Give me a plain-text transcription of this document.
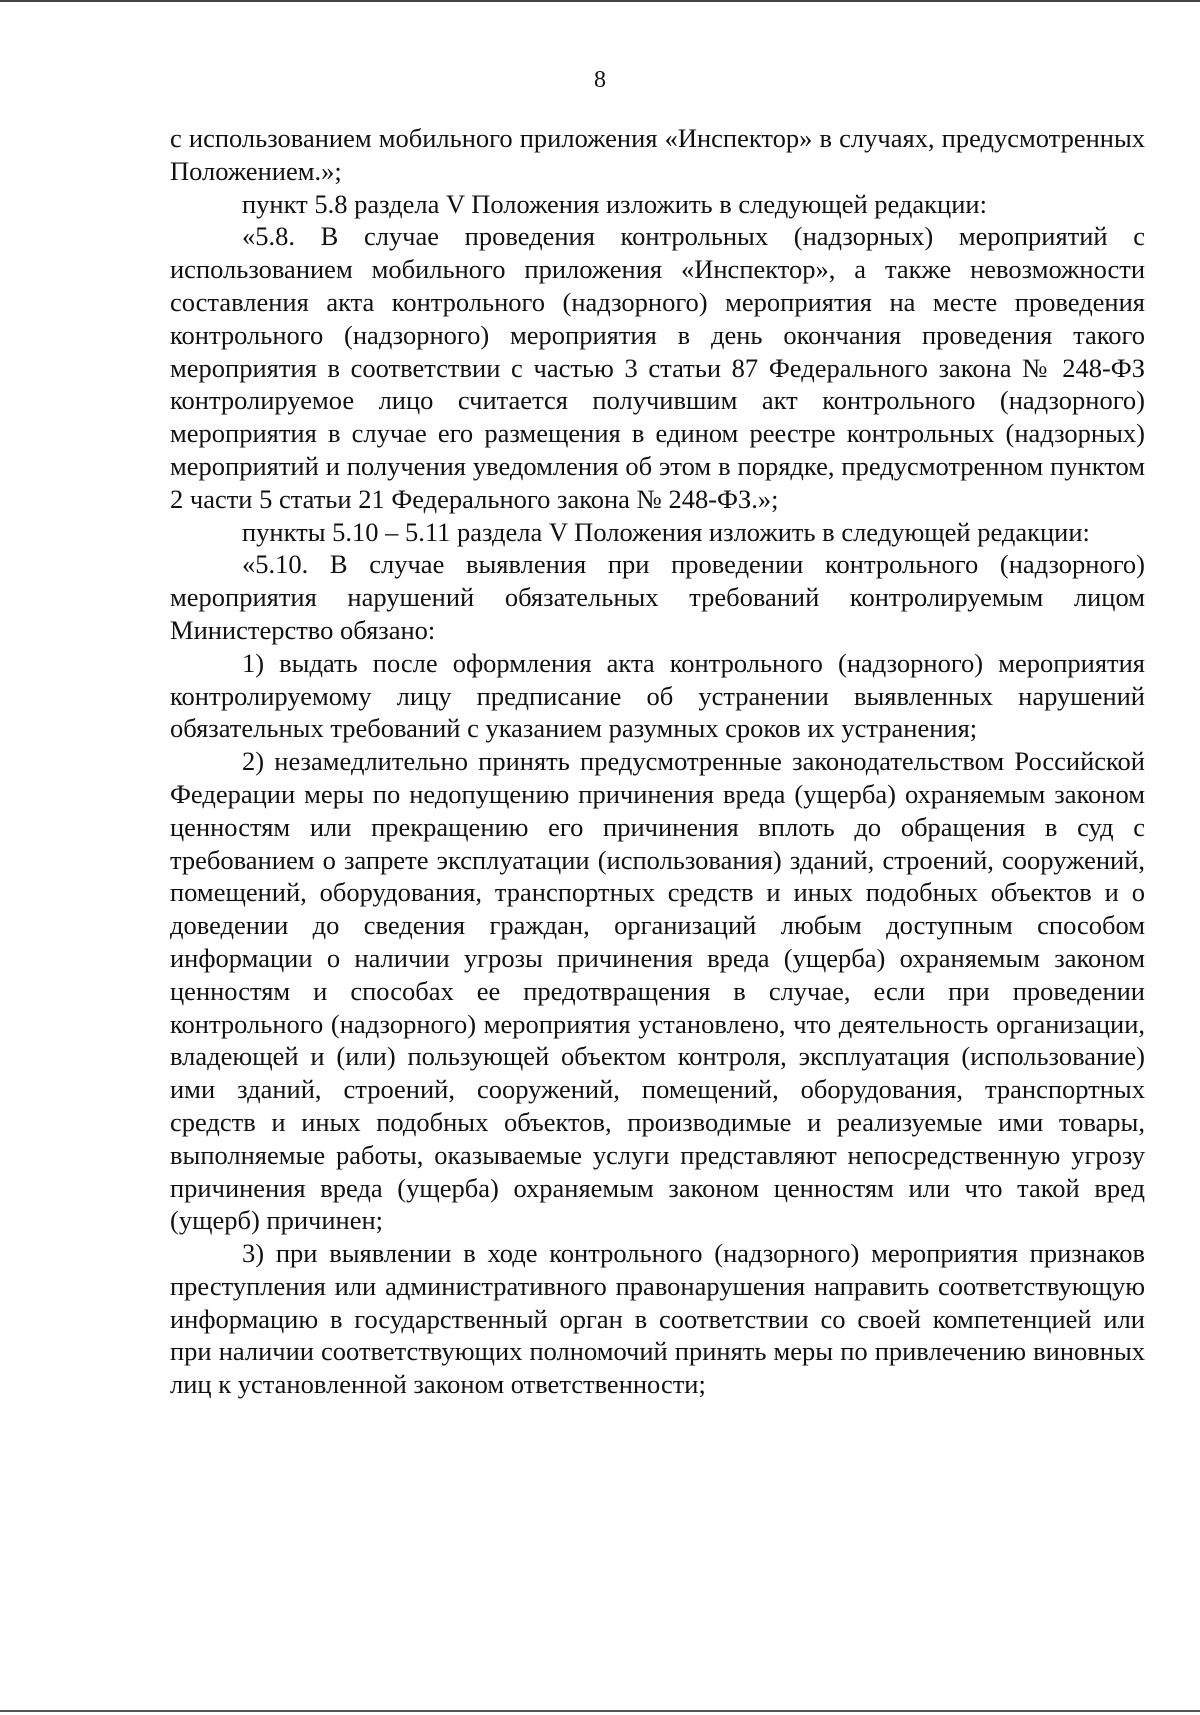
8

с использованием мобильного приложения «Инспектор» в случаях, предусмотренных Положением.»;

пункт 5.8 раздела V Положения изложить в следующей редакции:

«5.8. В случае проведения контрольных (надзорных) мероприятий с использованием мобильного приложения «Инспектор», а также невозможности составления акта контрольного (надзорного) мероприятия на месте проведения контрольного (надзорного) мероприятия в день окончания проведения такого мероприятия в соответствии с частью 3 статьи 87 Федерального закона № 248-ФЗ контролируемое лицо считается получившим акт контрольного (надзорного) мероприятия в случае его размещения в едином реестре контрольных (надзорных) мероприятий и получения уведомления об этом в порядке, предусмотренном пунктом 2 части 5 статьи 21 Федерального закона № 248-ФЗ.»;

пункты 5.10 – 5.11 раздела V Положения изложить в следующей редакции:

«5.10. В случае выявления при проведении контрольного (надзорного) мероприятия нарушений обязательных требований контролируемым лицом Министерство обязано:

1) выдать после оформления акта контрольного (надзорного) мероприятия контролируемому лицу предписание об устранении выявленных нарушений обязательных требований с указанием разумных сроков их устранения;

2) незамедлительно принять предусмотренные законодательством Российской Федерации меры по недопущению причинения вреда (ущерба) охраняемым законом ценностям или прекращению его причинения вплоть до обращения в суд с требованием о запрете эксплуатации (использования) зданий, строений, сооружений, помещений, оборудования, транспортных средств и иных подобных объектов и о доведении до сведения граждан, организаций любым доступным способом информации о наличии угрозы причинения вреда (ущерба) охраняемым законом ценностям и способах ее предотвращения в случае, если при проведении контрольного (надзорного) мероприятия установлено, что деятельность организации, владеющей и (или) пользующей объектом контроля, эксплуатация (использование) ими зданий, строений, сооружений, помещений, оборудования, транспортных средств и иных подобных объектов, производимые и реализуемые ими товары, выполняемые работы, оказываемые услуги представляют непосредственную угрозу причинения вреда (ущерба) охраняемым законом ценностям или что такой вред (ущерб) причинен;

3) при выявлении в ходе контрольного (надзорного) мероприятия признаков преступления или административного правонарушения направить соответствующую информацию в государственный орган в соответствии со своей компетенцией или при наличии соответствующих полномочий принять меры по привлечению виновных лиц к установленной законом ответственности;
